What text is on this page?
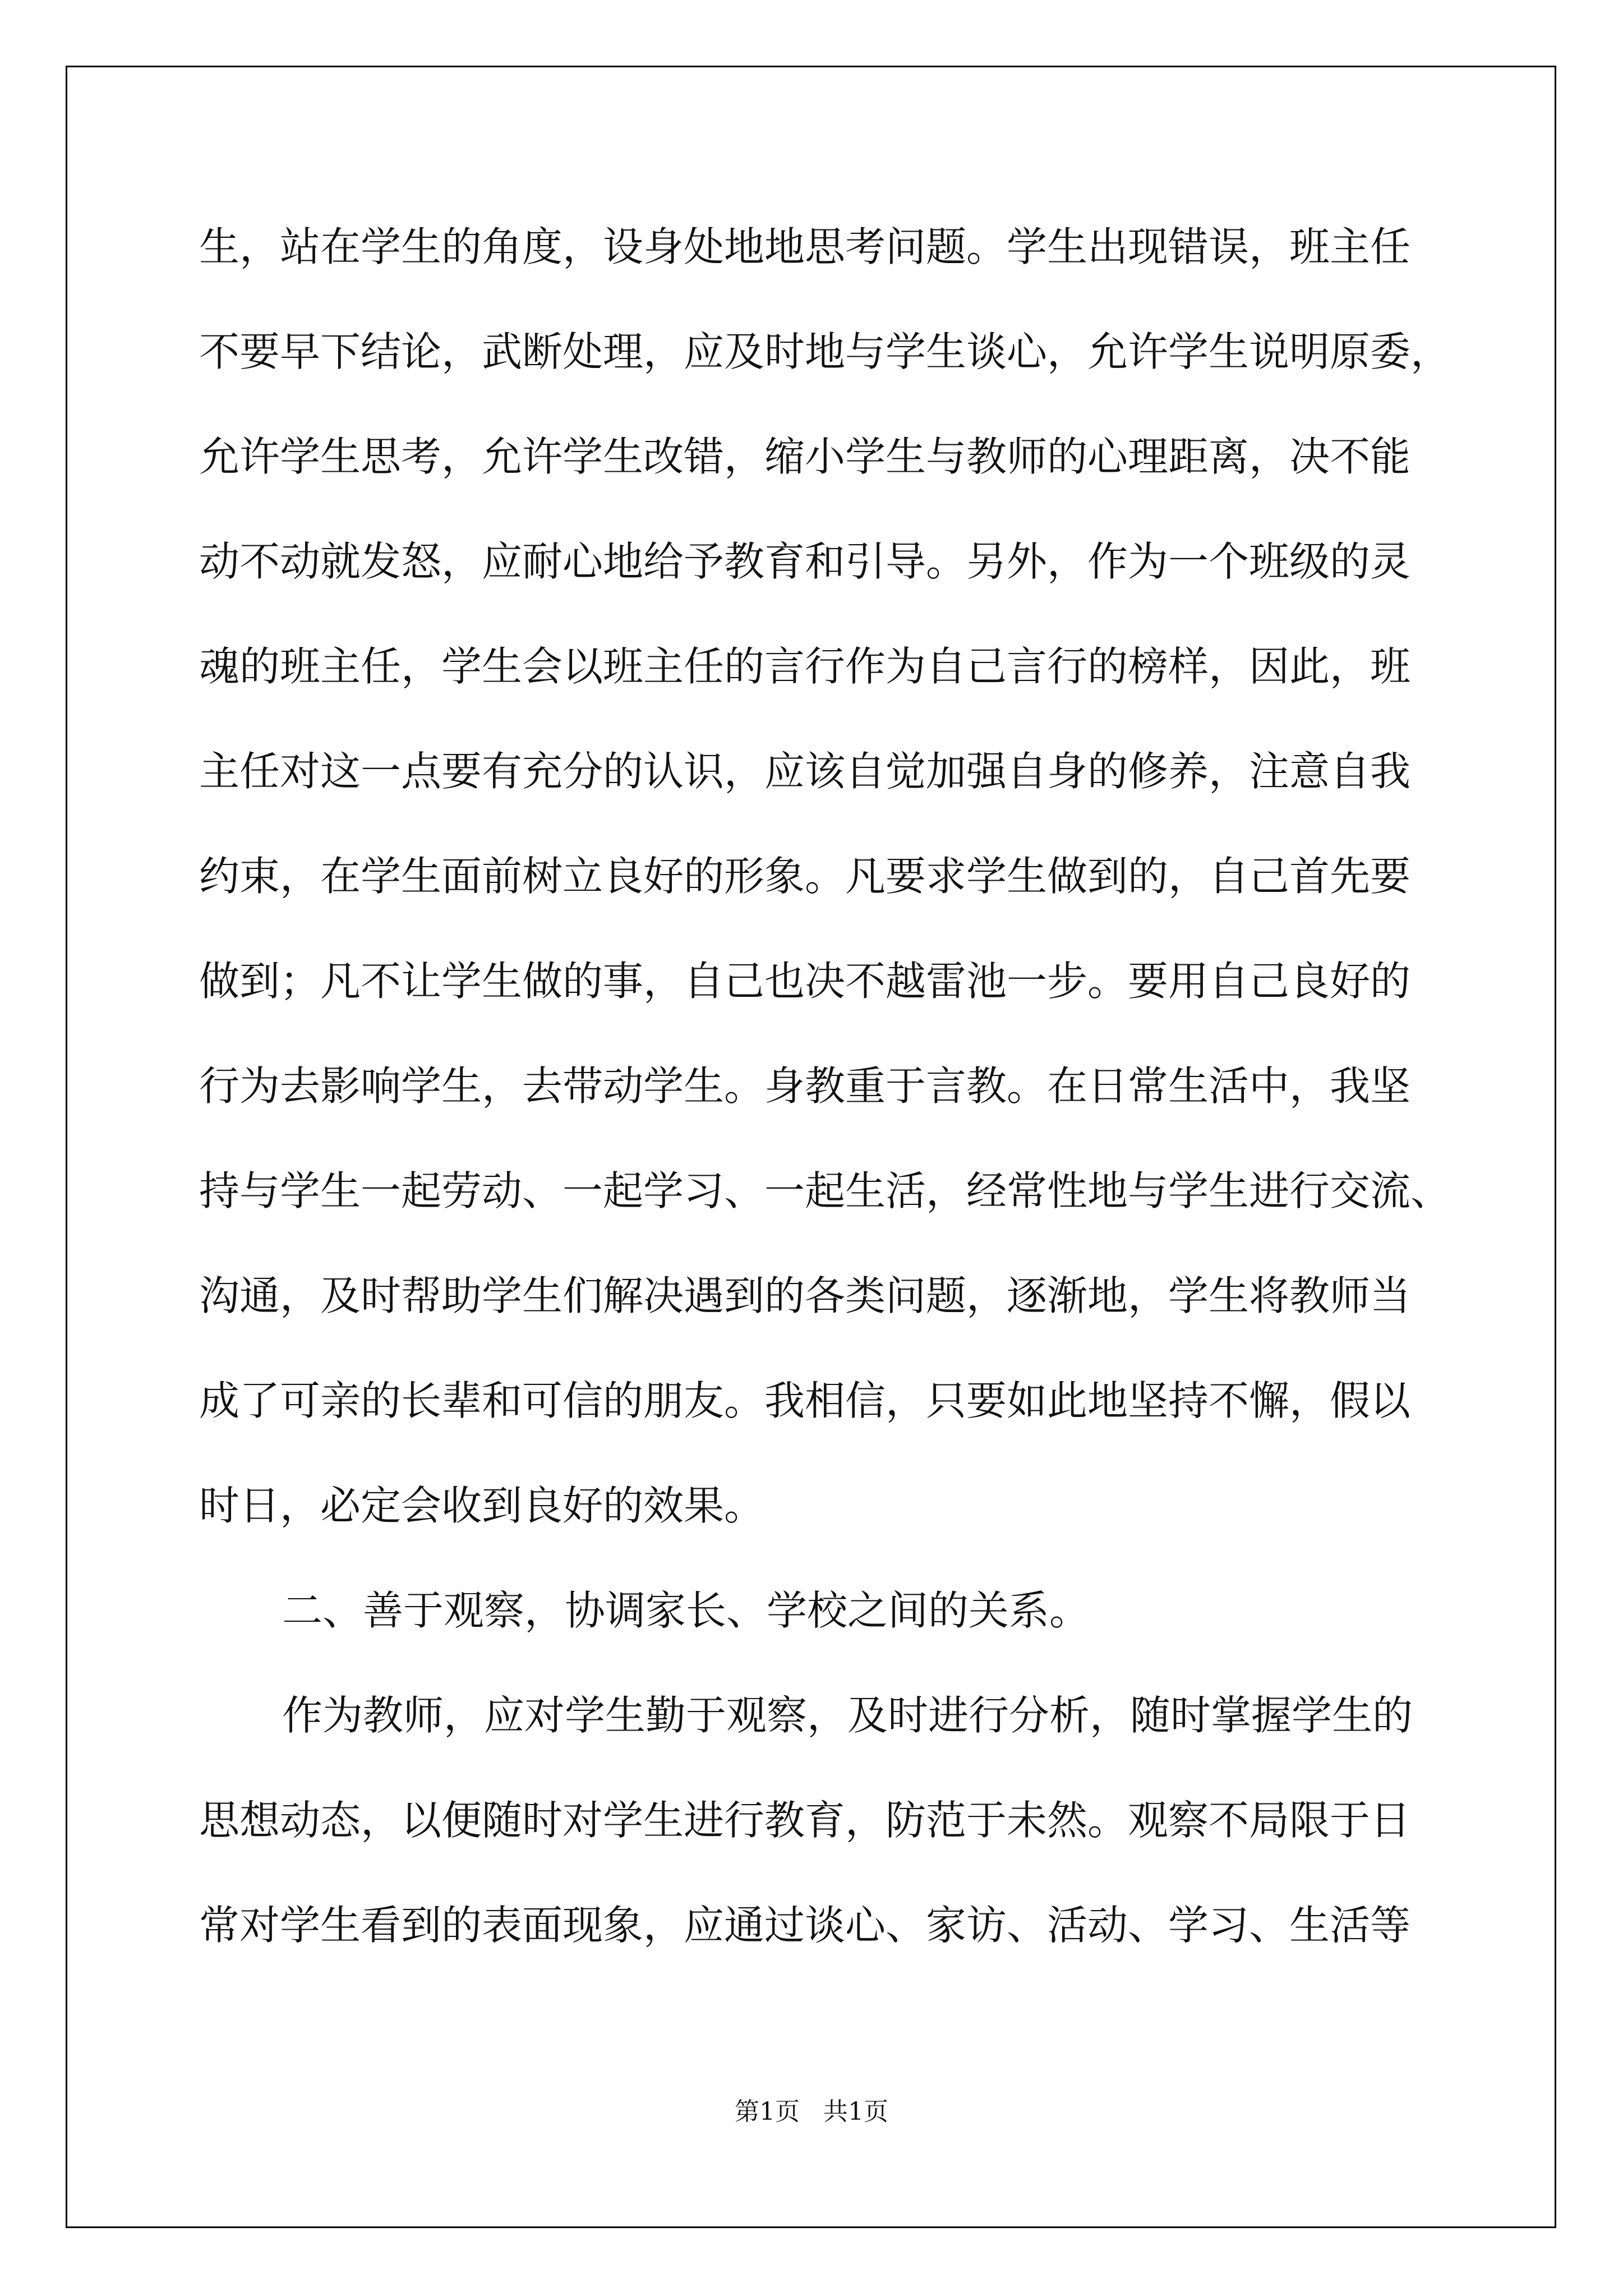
生，站在学生的角度，设身处地地思考问题。学生出现错误，班主任
不要早下结论，武断处理，应及时地与学生谈心，允许学生说明原委，
允许学生思考，允许学生改错，缩小学生与教师的心理距离，决不能
动不动就发怒，应耐心地给予教育和引导。另外，作为一个班级的灵
魂的班主任，学生会以班主任的言行作为自己言行的榜样，因此，班
主任对这一点要有充分的认识，应该自觉加强自身的修养，注意自我
约束，在学生面前树立良好的形象。凡要求学生做到的，自己首先要
做到；凡不让学生做的事，自己也决不越雷池一步。要用自己良好的
行为去影响学生，去带动学生。身教重于言教。在日常生活中，我坚
持与学生一起劳动、一起学习、一起生活，经常性地与学生进行交流、
沟通，及时帮助学生们解决遇到的各类问题，逐渐地，学生将教师当
成了可亲的长辈和可信的朋友。我相信，只要如此地坚持不懈，假以
时日，必定会收到良好的效果。
二、善于观察，协调家长、学校之间的关系。
作为教师，应对学生勤于观察，及时进行分析，随时掌握学生的
思想动态，以便随时对学生进行教育，防范于未然。观察不局限于日
常对学生看到的表面现象，应通过谈心、家访、活动、学习、生活等
第1页   共1页
